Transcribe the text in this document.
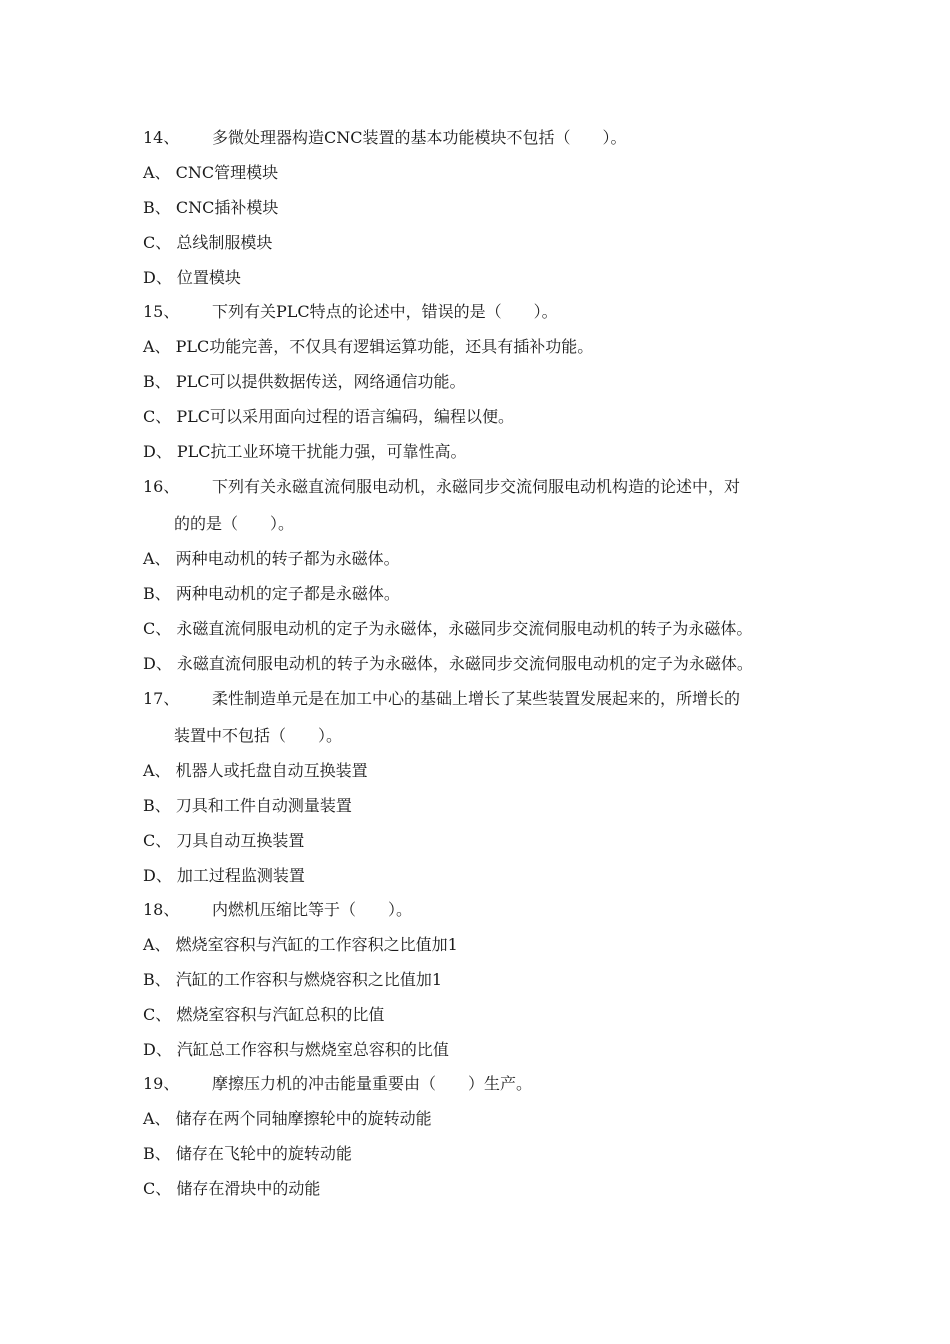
14、 多微处理器构造CNC装置的基本功能模块不包括（　　）。
A、 CNC管理模块
B、 CNC插补模块
C、 总线制服模块
D、 位置模块
15、 下列有关PLC特点的论述中，错误的是（　　）。
A、 PLC功能完善，不仅具有逻辑运算功能，还具有插补功能。
B、 PLC可以提供数据传送，网络通信功能。
C、 PLC可以采用面向过程的语言编码，编程以便。
D、 PLC抗工业环境干扰能力强，可靠性高。
16、 下列有关永磁直流伺服电动机，永磁同步交流伺服电动机构造的论述中，对
的的是（　　）。
A、 两种电动机的转子都为永磁体。
B、 两种电动机的定子都是永磁体。
C、 永磁直流伺服电动机的定子为永磁体，永磁同步交流伺服电动机的转子为永磁体。
D、 永磁直流伺服电动机的转子为永磁体，永磁同步交流伺服电动机的定子为永磁体。
17、 柔性制造单元是在加工中心的基础上增长了某些装置发展起来的，所增长的
装置中不包括（　　）。
A、 机器人或托盘自动互换装置
B、 刀具和工件自动测量装置
C、 刀具自动互换装置
D、 加工过程监测装置
18、 内燃机压缩比等于（　　）。
A、 燃烧室容积与汽缸的工作容积之比值加1
B、 汽缸的工作容积与燃烧容积之比值加1
C、 燃烧室容积与汽缸总积的比值
D、 汽缸总工作容积与燃烧室总容积的比值
19、 摩擦压力机的冲击能量重要由（　　）生产。
A、 储存在两个同轴摩擦轮中的旋转动能
B、 储存在飞轮中的旋转动能
C、 储存在滑块中的动能
